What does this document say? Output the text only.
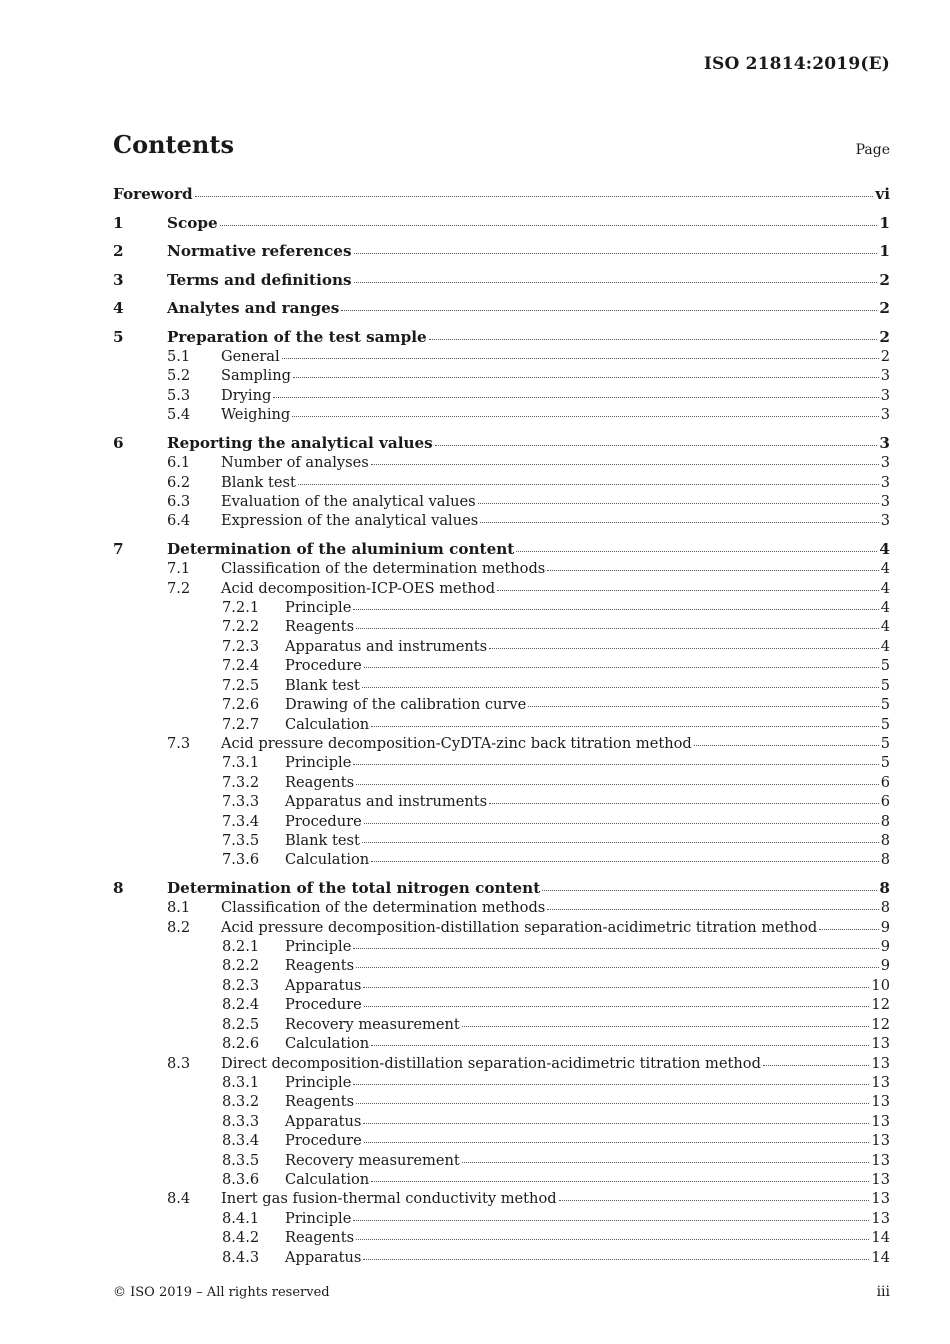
ISO 21814:2019(E)
Contents	Page
Foreword	vi
1	Scope	1
2	Normative references	1
3	Terms and definitions	2
4	Analytes and ranges	2
5	Preparation of the test sample	2
5.1	General	2
5.2	Sampling	3
5.3	Drying	3
5.4	Weighing	3
6	Reporting the analytical values	3
6.1	Number of analyses	3
6.2	Blank test	3
6.3	Evaluation of the analytical values	3
6.4	Expression of the analytical values	3
7	Determination of the aluminium content	4
7.1	Classification of the determination methods	4
7.2	Acid decomposition-ICP-OES method	4
7.2.1	Principle	4
7.2.2	Reagents	4
7.2.3	Apparatus and instruments	4
7.2.4	Procedure	5
7.2.5	Blank test	5
7.2.6	Drawing of the calibration curve	5
7.2.7	Calculation	5
7.3	Acid pressure decomposition-CyDTA-zinc back titration method	5
7.3.1	Principle	5
7.3.2	Reagents	6
7.3.3	Apparatus and instruments	6
7.3.4	Procedure	8
7.3.5	Blank test	8
7.3.6	Calculation	8
8	Determination of the total nitrogen content	8
8.1	Classification of the determination methods	8
8.2	Acid pressure decomposition-distillation separation-acidimetric titration method	9
8.2.1	Principle	9
8.2.2	Reagents	9
8.2.3	Apparatus	10
8.2.4	Procedure	12
8.2.5	Recovery measurement	12
8.2.6	Calculation	13
8.3	Direct decomposition-distillation separation-acidimetric titration method	13
8.3.1	Principle	13
8.3.2	Reagents	13
8.3.3	Apparatus	13
8.3.4	Procedure	13
8.3.5	Recovery measurement	13
8.3.6	Calculation	13
8.4	Inert gas fusion-thermal conductivity method	13
8.4.1	Principle	13
8.4.2	Reagents	14
8.4.3	Apparatus	14
© ISO 2019 – All rights reserved	iii
